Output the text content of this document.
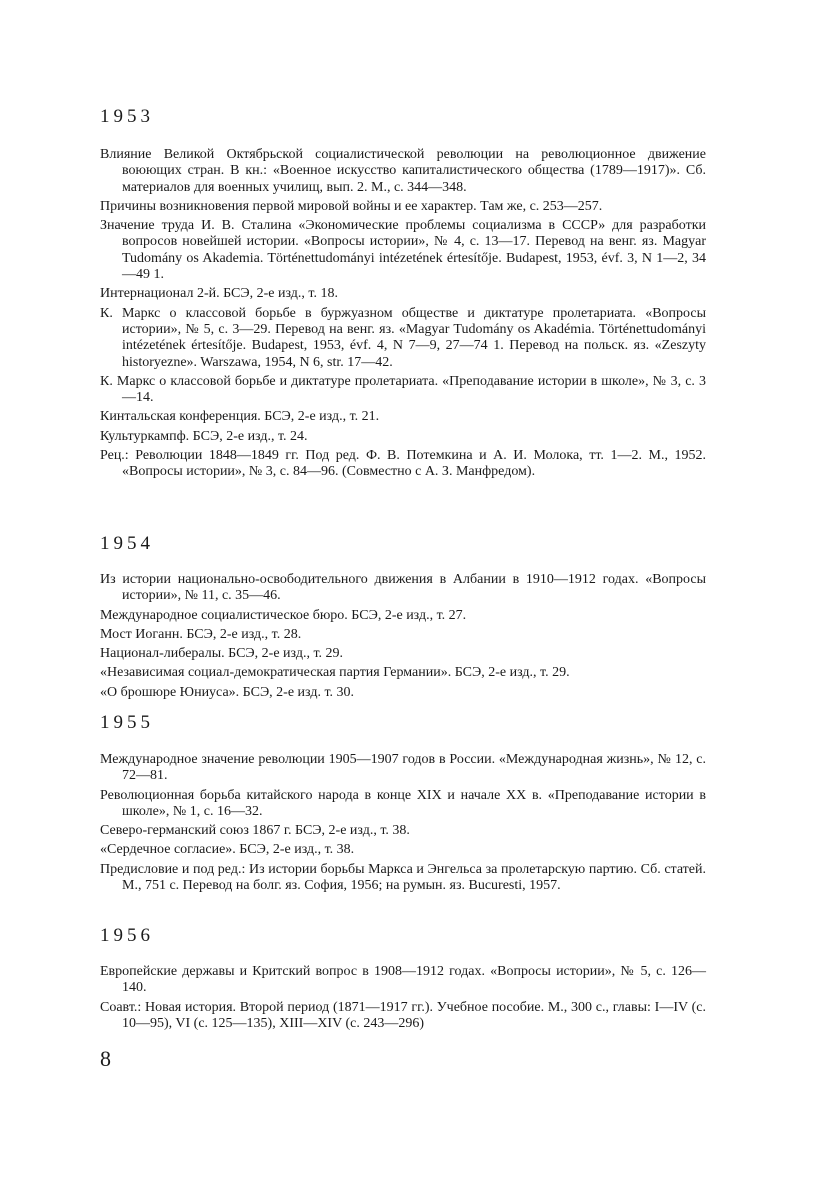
1953

Влияние Великой Октябрьской социалистической революции на революционное движение воюющих стран. В кн.: «Военное искусство капиталистического общества (1789—1917)». Сб. материалов для военных училищ, вып. 2. М., с. 344—348.

Причины возникновения первой мировой войны и ее характер. Там же, с. 253—257.

Значение труда И. В. Сталина «Экономические проблемы социализма в СССР» для разработки вопросов новейшей истории. «Вопросы истории», № 4, с. 13—17. Перевод на венг. яз. Magyar Tudomány os Akademia. Történettudományi intézetének értesítője. Budapest, 1953, évf. 3, N 1—2, 34—49 1.

Интернационал 2-й. БСЭ, 2-е изд., т. 18.

К. Маркс о классовой борьбе в буржуазном обществе и диктатуре пролетариата. «Вопросы истории», № 5, с. 3—29. Перевод на венг. яз. «Magyar Tudomány os Akadémia. Történettudományi intézetének értesítője. Budapest, 1953, évf. 4, N 7—9, 27—74 1. Перевод на польск. яз. «Zeszyty historyezne». Warszawa, 1954, N 6, str. 17—42.

К. Маркс о классовой борьбе и диктатуре пролетариата. «Преподавание истории в школе», № 3, с. 3—14.

Кинтальская конференция. БСЭ, 2-е изд., т. 21.

Культуркампф. БСЭ, 2-е изд., т. 24.

Рец.: Революции 1848—1849 гг. Под ред. Ф. В. Потемкина и А. И. Молока, тт. 1—2. М., 1952. «Вопросы истории», № 3, с. 84—96. (Совместно с А. З. Манфредом).

1954

Из истории национально-освободительного движения в Албании в 1910—1912 годах. «Вопросы истории», № 11, с. 35—46.

Международное социалистическое бюро. БСЭ, 2-е изд., т. 27.

Мост Иоганн. БСЭ, 2-е изд., т. 28.

Национал-либералы. БСЭ, 2-е изд., т. 29.

«Независимая социал-демократическая партия Германии». БСЭ, 2-е изд., т. 29.

«О брошюре Юниуса». БСЭ, 2-е изд. т. 30.

1955

Международное значение революции 1905—1907 годов в России. «Международная жизнь», № 12, с. 72—81.

Революционная борьба китайского народа в конце XIX и начале XX в. «Преподавание истории в школе», № 1, с. 16—32.

Северо-германский союз 1867 г. БСЭ, 2-е изд., т. 38.

«Сердечное согласие». БСЭ, 2-е изд., т. 38.

Предисловие и под ред.: Из истории борьбы Маркса и Энгельса за пролетарскую партию. Сб. статей. М., 751 с. Перевод на болг. яз. София, 1956; на румын. яз. Bucuresti, 1957.

1956

Европейские державы и Критский вопрос в 1908—1912 годах. «Вопросы истории», № 5, с. 126—140.

Соавт.: Новая история. Второй период (1871—1917 гг.). Учебное пособие. М., 300 с., главы: I—IV (с. 10—95), VI (с. 125—135), XIII—XIV (с. 243—296)

8
